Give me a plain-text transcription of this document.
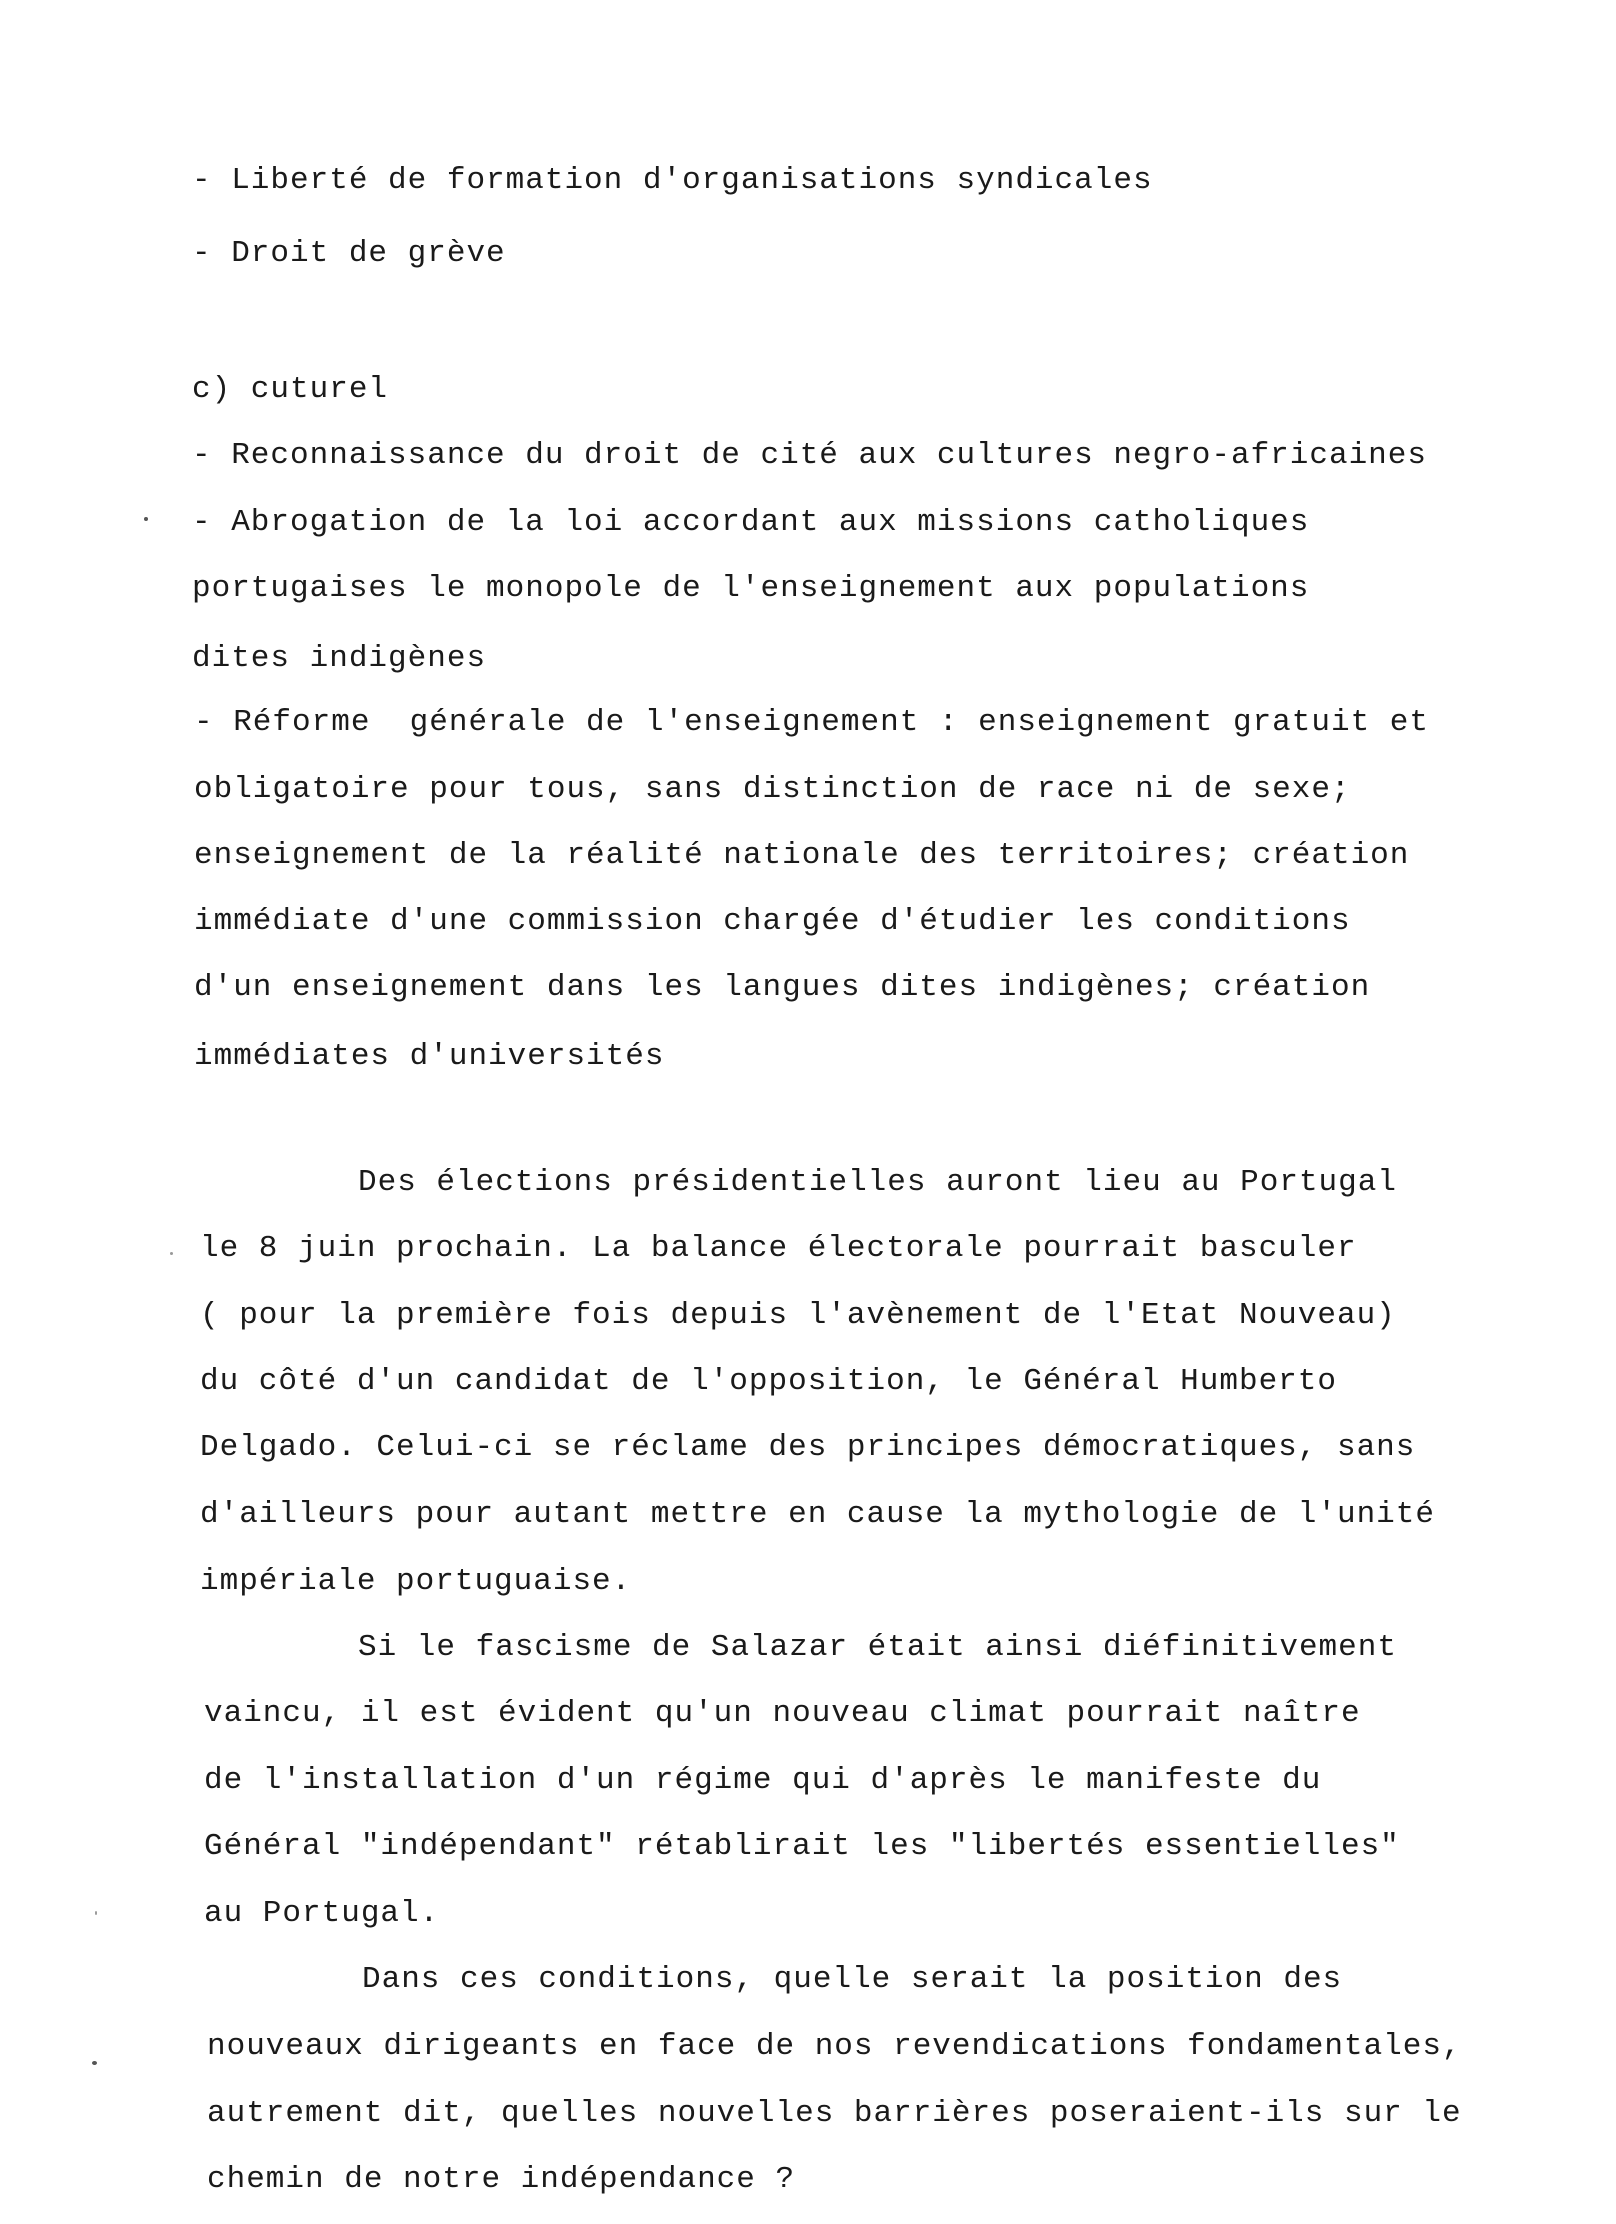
- Liberté de formation d'organisations syndicales
- Droit de grève
c) cuturel
- Reconnaissance du droit de cité aux cultures negro-africaines
- Abrogation de la loi accordant aux missions catholiques
portugaises le monopole de l'enseignement aux populations
dites indigènes
- Réforme  générale de l'enseignement : enseignement gratuit et
obligatoire pour tous, sans distinction de race ni de sexe;
enseignement de la réalité nationale des territoires; création
immédiate d'une commission chargée d'étudier les conditions
d'un enseignement dans les langues dites indigènes; création
immédiates d'universités
Des élections présidentielles auront lieu au Portugal
le 8 juin prochain. La balance électorale pourrait basculer
( pour la première fois depuis l'avènement de l'Etat Nouveau)
du côté d'un candidat de l'opposition, le Général Humberto
Delgado. Celui-ci se réclame des principes démocratiques, sans
d'ailleurs pour autant mettre en cause la mythologie de l'unité
impériale portuguaise.
Si le fascisme de Salazar était ainsi diéfinitivement
vaincu, il est évident qu'un nouveau climat pourrait naître
de l'installation d'un régime qui d'après le manifeste du
Général "indépendant" rétablirait les "libertés essentielles"
au Portugal.
Dans ces conditions, quelle serait la position des
nouveaux dirigeants en face de nos revendications fondamentales,
autrement dit, quelles nouvelles barrières poseraient-ils sur le
chemin de notre indépendance ?
